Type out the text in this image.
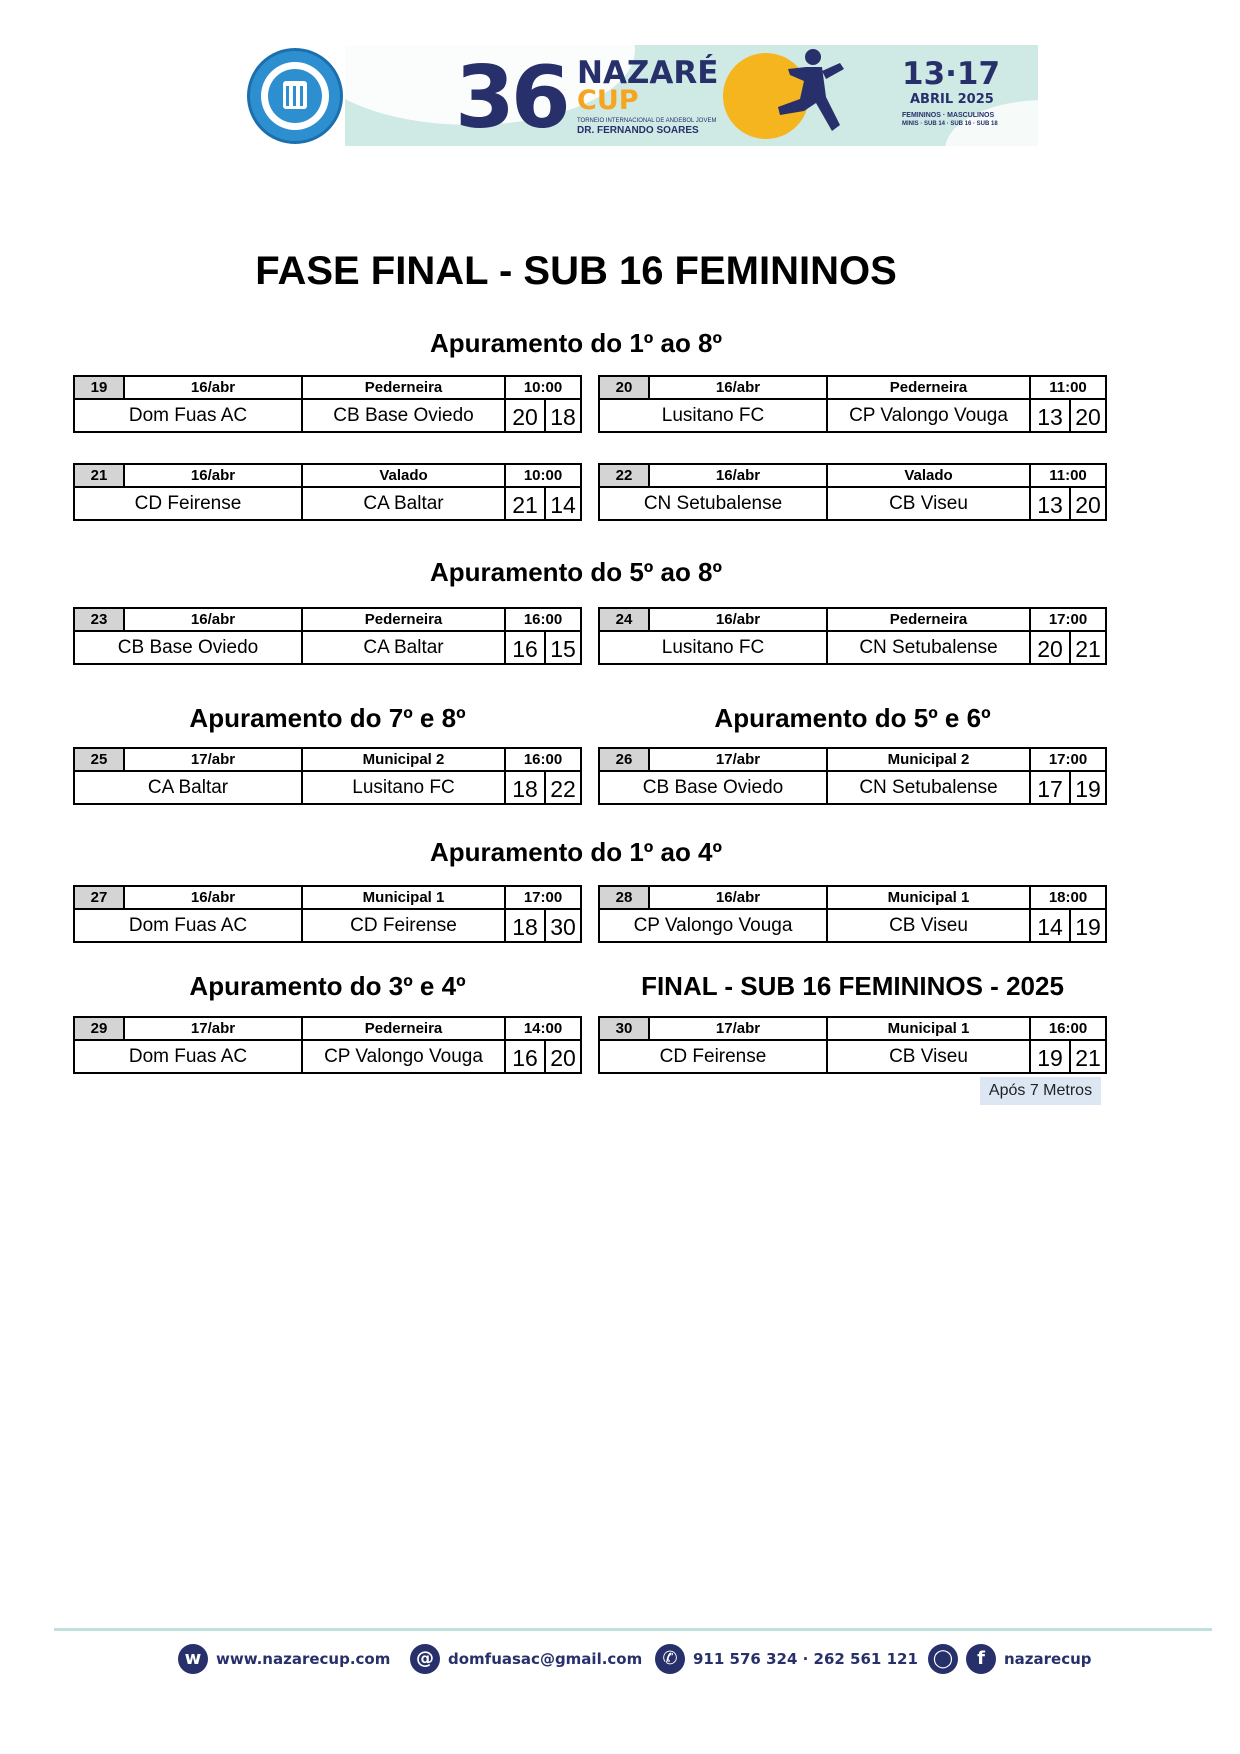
36 NAZARÉ
CUP
TORNEIO INTERNACIONAL DE ANDEBOL JOVEM
DR. FERNANDO SOARES
13·17
ABRIL 2025
FEMININOS · MASCULINOS
MINIS · SUB 14 · SUB 16 · SUB 18
FASE FINAL - SUB 16 FEMININOS
Apuramento do 1º ao 8º
Apuramento do 5º ao 8º
Apuramento do 7º e 8º	Apuramento do 5º e 6º
Apuramento do 1º ao 4º
Apuramento do 3º e 4º	FINAL - SUB 16 FEMININOS - 2025
19	16/abr	Pederneira	10:00
Dom Fuas AC	CB Base Oviedo	20 18
20	16/abr	Pederneira	11:00
Lusitano FC	CP Valongo Vouga	13 20
21	16/abr	Valado	10:00
CD Feirense	CA Baltar	21 14
22	16/abr	Valado	11:00
CN Setubalense	CB Viseu	13 20
23	16/abr	Pederneira	16:00
CB Base Oviedo	CA Baltar	16 15
24	16/abr	Pederneira	17:00
Lusitano FC	CN Setubalense	20 21
25	17/abr	Municipal 2	16:00
CA Baltar	Lusitano FC	18 22
26	17/abr	Municipal 2	17:00
CB Base Oviedo	CN Setubalense	17 19
27	16/abr	Municipal 1	17:00
Dom Fuas AC	CD Feirense	18 30
28	16/abr	Municipal 1	18:00
CP Valongo Vouga	CB Viseu	14 19
29	17/abr	Pederneira	14:00
Dom Fuas AC	CP Valongo Vouga	16 20
30	17/abr	Municipal 1	16:00
CD Feirense	CB Viseu	19 21
Após 7 Metros
w www.nazarecup.com	@ domfuasac@gmail.com	✆	911 576 324 · 262 561 121 ◯	f	nazarecup
